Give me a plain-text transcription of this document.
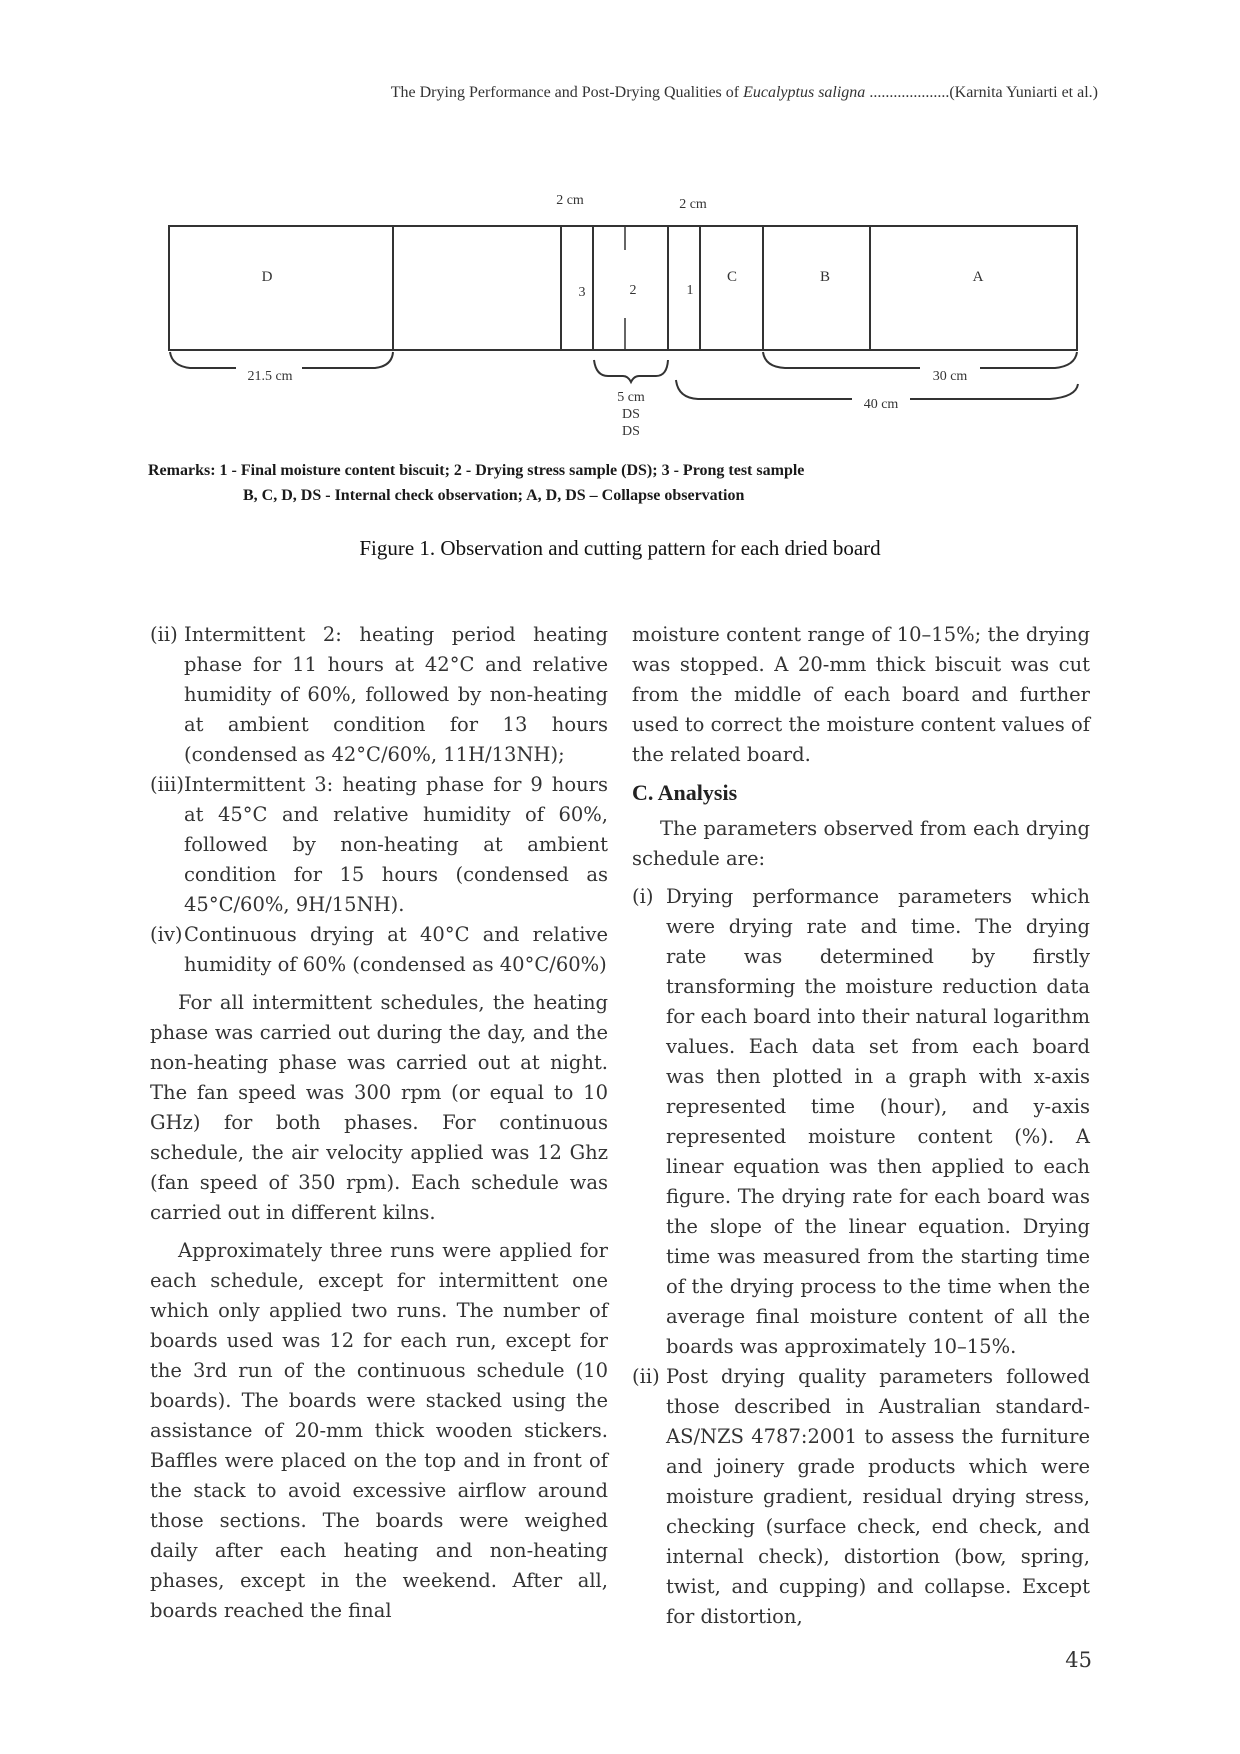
The Drying Performance and Post-Drying Qualities of Eucalyptus saligna ....................(Karnita Yuniarti et al.)
2 cm	2 cm
D
3	2	1
C	B	A
21.5 cm
5 cm
DS
DS
40 cm
30 cm
Remarks: 1 - Final moisture content biscuit; 2 - Drying stress sample (DS); 3 - Prong test sample
B, C, D, DS - Internal check observation; A, D, DS – Collapse observation
Figure 1. Observation and cutting pattern for each dried board
(ii) Intermittent 2: heating period heating phase for 11 hours at 42°C and relative humidity of 60%, followed by non-heating at ambient condition for 13 hours (condensed as 42°C/60%, 11H/13NH);
(iii) Intermittent 3: heating phase for 9 hours at 45°C and relative humidity of 60%, followed by non-heating at ambient condition for 15 hours (condensed as 45°C/60%, 9H/15NH).
(iv) Continuous drying at 40°C and relative humidity of 60% (condensed as 40°C/60%)

For all intermittent schedules, the heating phase was carried out during the day, and the non-heating phase was carried out at night. The fan speed was 300 rpm (or equal to 10 GHz) for both phases. For continuous schedule, the air velocity applied was 12 Ghz (fan speed of 350 rpm). Each schedule was carried out in different kilns.

Approximately three runs were applied for each schedule, except for intermittent one which only applied two runs. The number of boards used was 12 for each run, except for the 3rd run of the continuous schedule (10 boards). The boards were stacked using the assistance of 20-mm thick wooden stickers. Baffles were placed on the top and in front of the stack to avoid excessive airflow around those sections. The boards were weighed daily after each heating and non-heating phases, except in the weekend. After all, boards reached the final

moisture content range of 10–15%; the drying was stopped. A 20-mm thick biscuit was cut from the middle of each board and further used to correct the moisture content values of the related board.

C. Analysis

The parameters observed from each drying schedule are:

(i) Drying performance parameters which were drying rate and time. The drying rate was determined by firstly transforming the moisture reduction data for each board into their natural logarithm values. Each data set from each board was then plotted in a graph with x-axis represented time (hour), and y-axis represented moisture content (%). A linear equation was then applied to each figure. The drying rate for each board was the slope of the linear equation. Drying time was measured from the starting time of the drying process to the time when the average final moisture content of all the boards was approximately 10–15%.
(ii) Post drying quality parameters followed those described in Australian standard-AS/NZS 4787:2001 to assess the furniture and joinery grade products which were moisture gradient, residual drying stress, checking (surface check, end check, and internal check), distortion (bow, spring, twist, and cupping) and collapse. Except for distortion,
45
